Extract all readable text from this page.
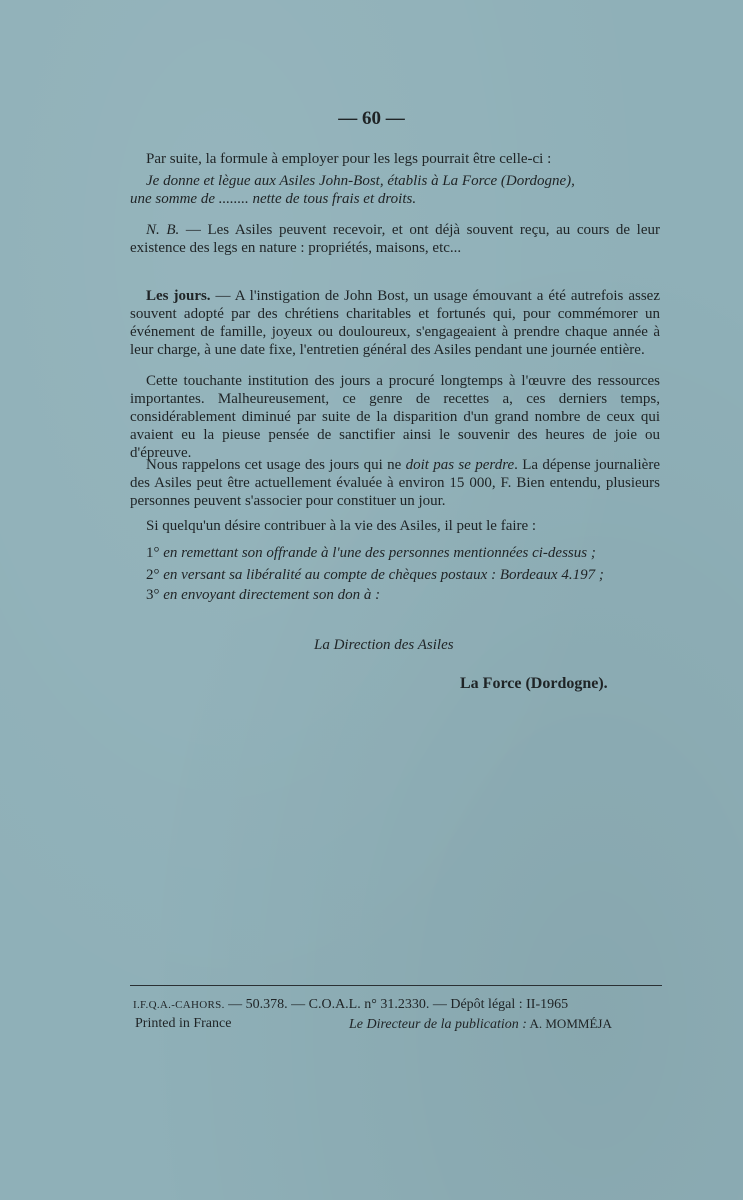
— 60 —
Par suite, la formule à employer pour les legs pourrait être celle-ci :
Je donne et lègue aux Asiles John-Bost, établis à La Force (Dordogne),
une somme de ........ nette de tous frais et droits.
N. B. — Les Asiles peuvent recevoir, et ont déjà souvent reçu, au cours de leur existence des legs en nature : propriétés, maisons, etc...
Les jours. — A l'instigation de John Bost, un usage émouvant a été autrefois assez souvent adopté par des chrétiens charitables et fortunés qui, pour commémorer un événement de famille, joyeux ou douloureux, s'engageaient à prendre chaque année à leur charge, à une date fixe, l'entretien général des Asiles pendant une journée entière.
Cette touchante institution des jours a procuré longtemps à l'œuvre des ressources importantes. Malheureusement, ce genre de recettes a, ces derniers temps, considérablement diminué par suite de la disparition d'un grand nombre de ceux qui avaient eu la pieuse pensée de sanctifier ainsi le souvenir des heures de joie ou d'épreuve.
Nous rappelons cet usage des jours qui ne doit pas se perdre. La dépense journalière des Asiles peut être actuellement évaluée à environ 15 000, F. Bien entendu, plusieurs personnes peuvent s'associer pour constituer un jour.
Si quelqu'un désire contribuer à la vie des Asiles, il peut le faire :
1° en remettant son offrande à l'une des personnes mentionnées ci-dessus ;
2° en versant sa libéralité au compte de chèques postaux : Bordeaux 4.197 ;
3° en envoyant directement son don à :
La Direction des Asiles
La Force (Dordogne).
I.F.Q.A.-CAHORS. — 50.378. — C.O.A.L. n° 31.2330. — Dépôt légal : II-1965
Printed in France	Le Directeur de la publication : A. MOMMÉJA
